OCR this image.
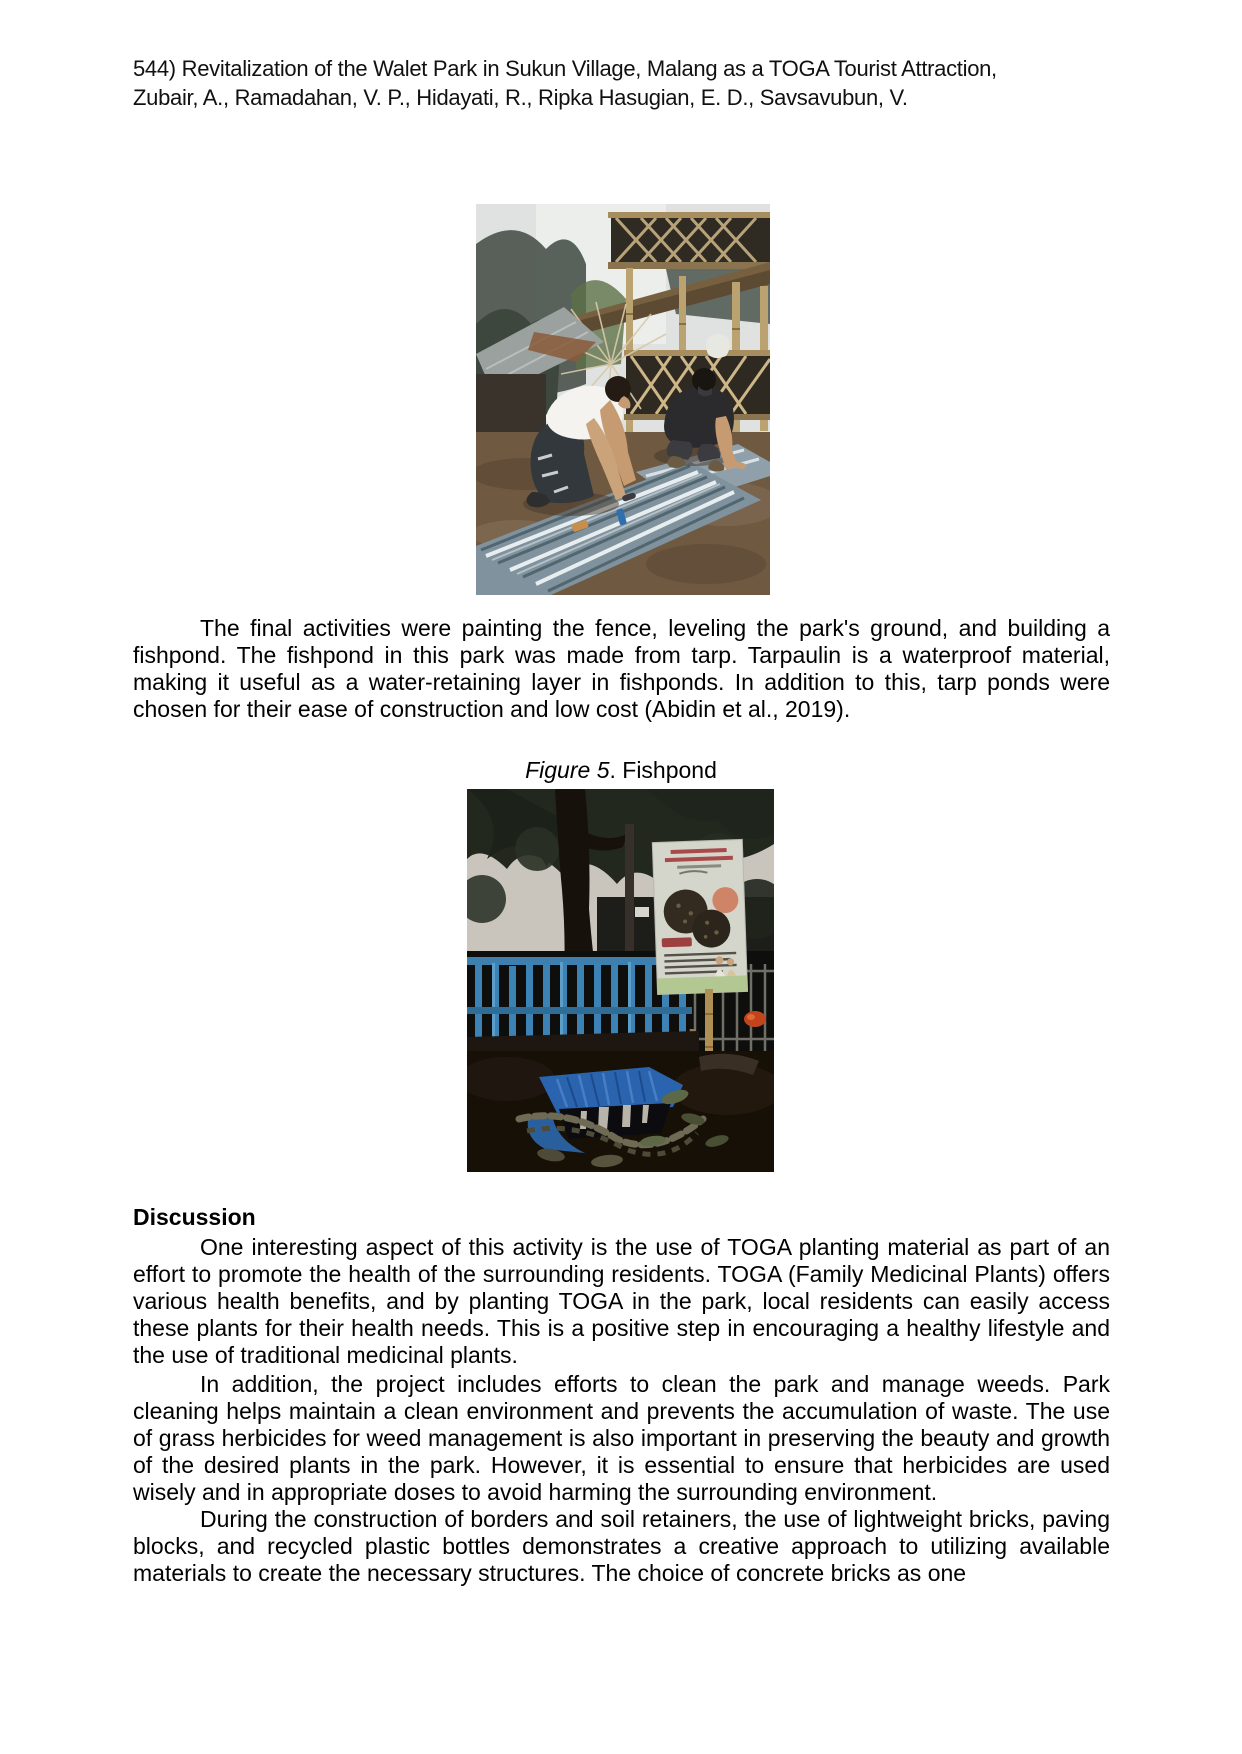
544) Revitalization of the Walet Park in Sukun Village, Malang as a TOGA Tourist Attraction,
Zubair, A., Ramadahan, V. P., Hidayati, R., Ripka Hasugian, E. D., Savsavubun, V.

The final activities were painting the fence, leveling the park's ground, and building a fishpond. The fishpond in this park was made from tarp. Tarpaulin is a waterproof material, making it useful as a water-retaining layer in fishponds. In addition to this, tarp ponds were chosen for their ease of construction and low cost (Abidin et al., 2019).

Figure 5. Fishpond
Discussion

One interesting aspect of this activity is the use of TOGA planting material as part of an effort to promote the health of the surrounding residents. TOGA (Family Medicinal Plants) offers various health benefits, and by planting TOGA in the park, local residents can easily access these plants for their health needs. This is a positive step in encouraging a healthy lifestyle and the use of traditional medicinal plants.

In addition, the project includes efforts to clean the park and manage weeds. Park cleaning helps maintain a clean environment and prevents the accumulation of waste. The use of grass herbicides for weed management is also important in preserving the beauty and growth of the desired plants in the park. However, it is essential to ensure that herbicides are used wisely and in appropriate doses to avoid harming the surrounding environment.

During the construction of borders and soil retainers, the use of lightweight bricks, paving blocks, and recycled plastic bottles demonstrates a creative approach to utilizing available materials to create the necessary structures. The choice of concrete bricks as one
